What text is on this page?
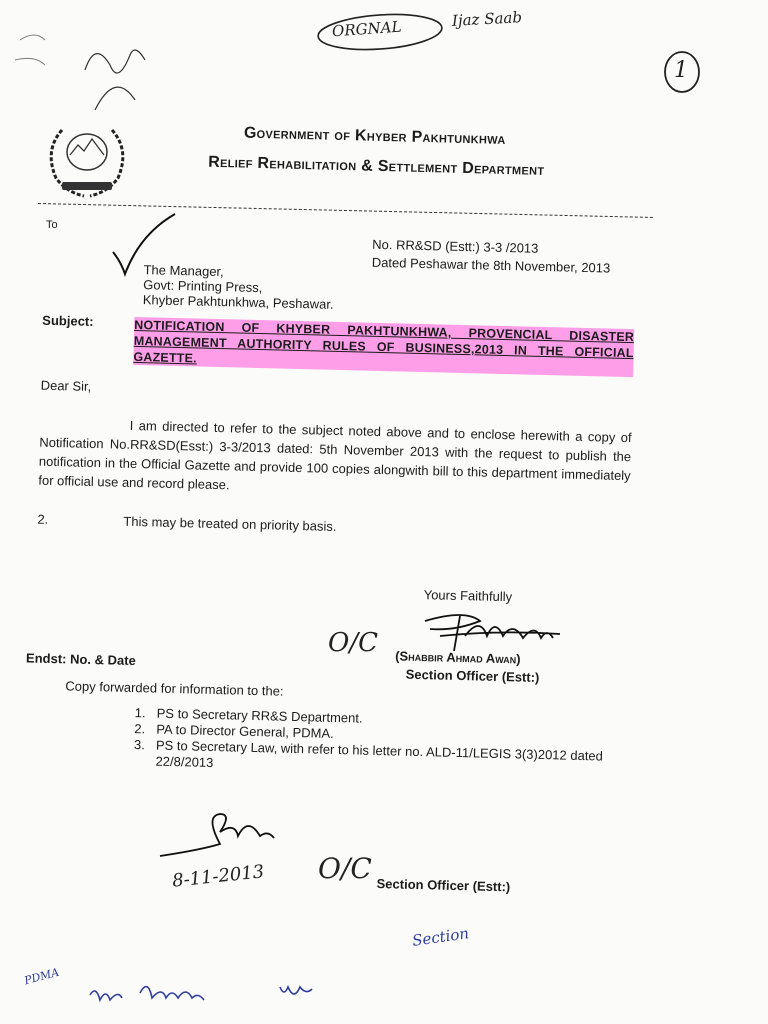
ORGNAL	Ijaz Saab
1
Government of Khyber Pakhtunkhwa
Relief Rehabilitation & Settlement Department
To
No. RR&SD (Estt:) 3-3 /2013
Dated Peshawar the 8th November, 2013
The Manager,
Govt: Printing Press,
Khyber Pakhtunkhwa, Peshawar.
Subject:	NOTIFICATION OF KHYBER PAKHTUNKHWA, PROVENCIAL DISASTER MANAGEMENT AUTHORITY RULES OF BUSINESS,2013 IN THE OFFICIAL GAZETTE.
Dear Sir,
I am directed to refer to the subject noted above and to enclose herewith a copy of Notification No.RR&SD(Esst:) 3-3/2013 dated: 5th November 2013 with the request to publish the notification in the Official Gazette and provide 100 copies alongwith bill to this department immediately for official use and record please.
2.	This may be treated on priority basis.
Yours Faithfully
O/C (Shabbir Ahmad Awan)
Section Officer (Estt:)
Endst: No. & Date
Copy forwarded for information to the:
1. PS to Secretary RR&S Department.
2. PA to Director General, PDMA.
3. PS to Secretary Law, with refer to his letter no. ALD-11/LEGIS 3(3)2012 dated 22/8/2013
Section Officer (Estt:)
8-11-2013 O/C
Section
PDMA
